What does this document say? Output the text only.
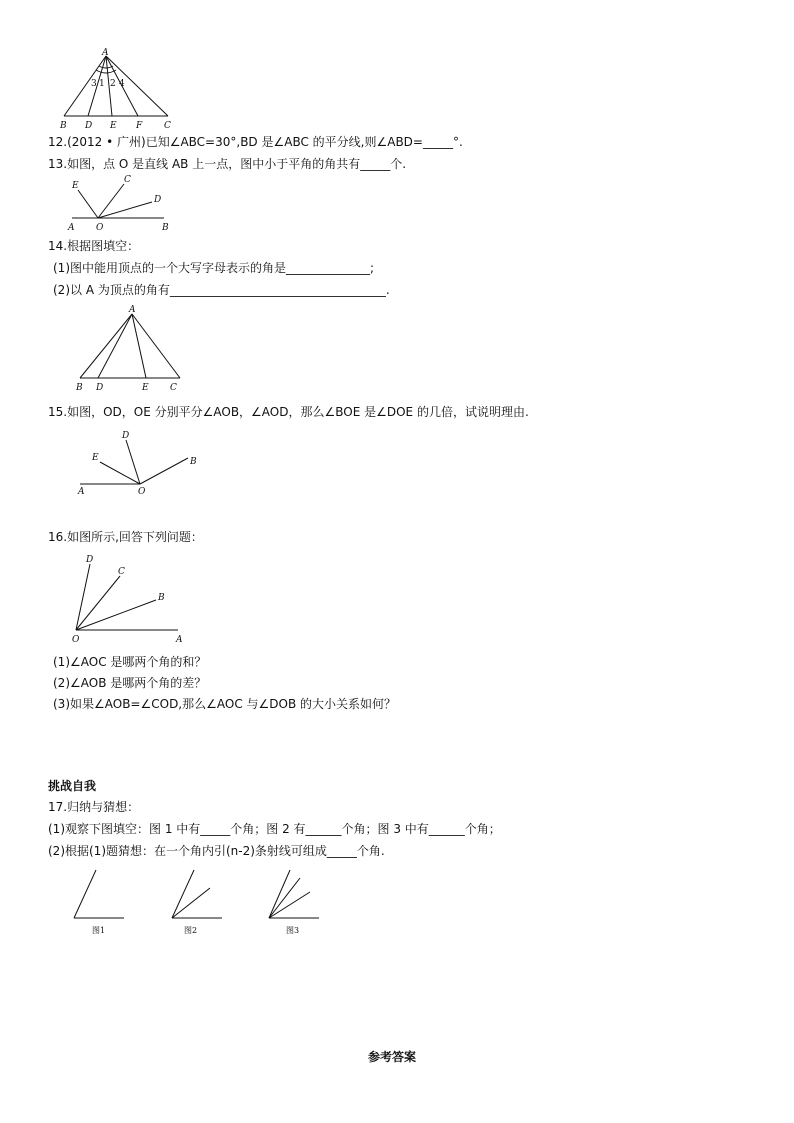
A
B D E F C
3 1 2 4
12.(2012 • 广州)已知∠ABC=30°,BD 是∠ABC 的平分线,则∠ABD=_____°.
13.如图，点 O 是直线 AB 上一点，图中小于平角的角共有_____个.
E
C
D
A O	B
14.根据图填空：
(1)图中能用顶点的一个大写字母表示的角是______________;
(2)以 A 为顶点的角有____________________________________.
A
B D	E C
15.如图，OD，OE 分别平分∠AOB，∠AOD，那么∠BOE 是∠DOE 的几倍，试说明理由.
D
E	B
A	O
16.如图所示,回答下列问题：
D
C
B
O	A
(1)∠AOC 是哪两个角的和？
(2)∠AOB 是哪两个角的差？
(3)如果∠AOB=∠COD,那么∠AOC 与∠DOB 的大小关系如何？
挑战自我
17.归纳与猜想：
(1)观察下图填空：图 1 中有_____个角；图 2 有______个角；图 3 中有______个角；
(2)根据(1)题猜想：在一个角内引(n-2)条射线可组成_____个角.
图1	图2	图3
参考答案
